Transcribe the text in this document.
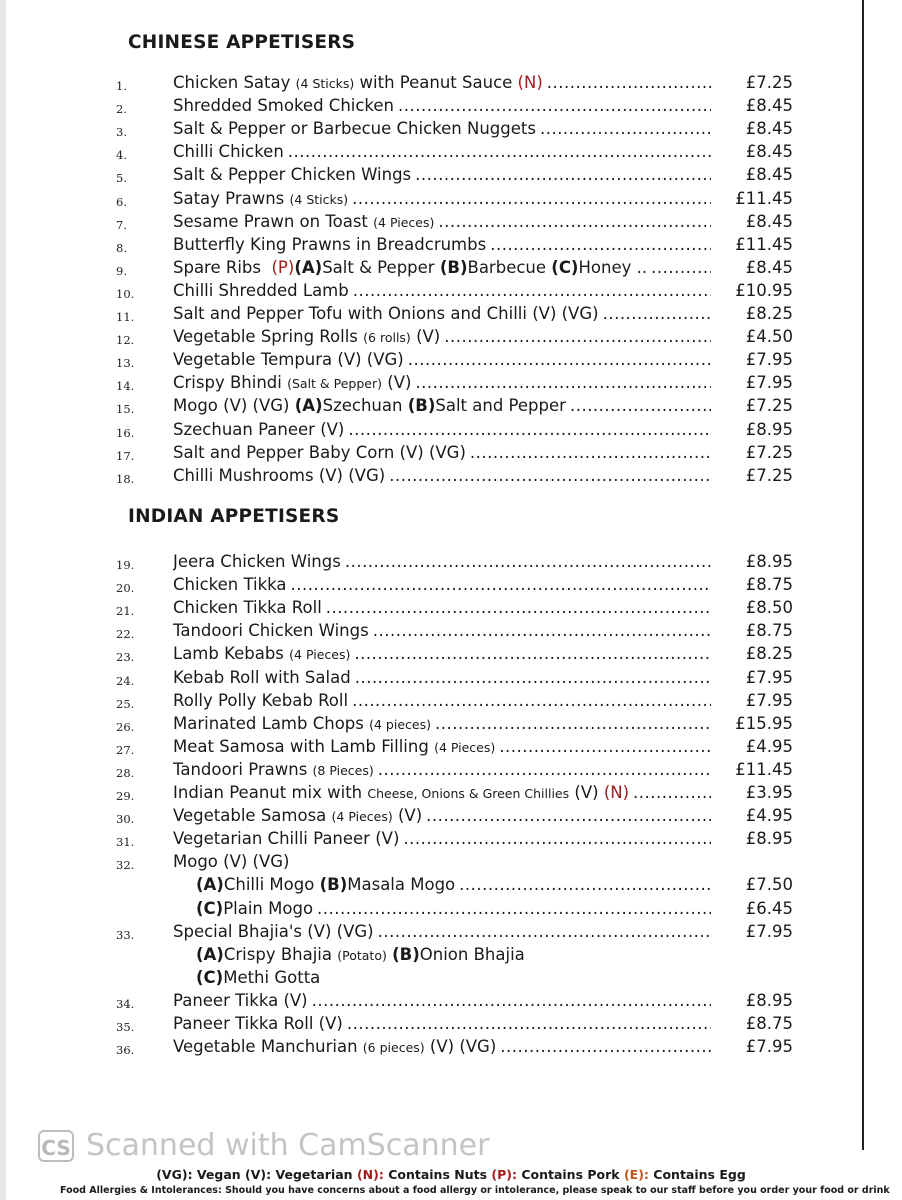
CHINESE APPETISERS
1.	Chicken Satay
(4 Sticks)
with Peanut Sauce
(N) .....	£7.25
2.	Shredded Smoked Chicken .....	£8.45
3.	Salt & Pepper or Barbecue Chicken Nuggets .....	£8.45
4.	Chilli Chicken .....	£8.45
5.	Salt & Pepper Chicken Wings .....	£8.45
6.	Satay Prawns
(4 Sticks) .....	£11.45
7.	Sesame Prawn on Toast
(4 Pieces) .....	£8.45
8.	Butterfly King Prawns in Breadcrumbs .....	£11.45
9.	Spare Ribs
(P) (A) Salt & Pepper
(B) Barbecue
(C) Honey .. .....	£8.45
10. Chilli Shredded Lamb .....	£10.95
11. Salt and Pepper Tofu with Onions and Chilli (V) (VG) .....	£8.25
12. Vegetable Spring Rolls
(6 rolls)
(V) .....	£4.50
13. Vegetable Tempura (V) (VG) .....	£7.95
14. Crispy Bhindi
(Salt & Pepper)
(V) .....	£7.95
15. Mogo (V) (VG)
(A) Szechuan
(B) Salt and Pepper .....	£7.25
16. Szechuan Paneer (V) .....	£8.95
17. Salt and Pepper Baby Corn (V) (VG) .....	£7.25
18. Chilli Mushrooms (V) (VG) .....	£7.25
INDIAN APPETISERS
19. Jeera Chicken Wings .....	£8.95
20. Chicken Tikka .....	£8.75
21. Chicken Tikka Roll .....	£8.50
22. Tandoori Chicken Wings .....	£8.75
23. Lamb Kebabs
(4 Pieces) .....	£8.25
24. Kebab Roll with Salad .....	£7.95
25. Rolly Polly Kebab Roll .....	£7.95
26. Marinated Lamb Chops
(4 pieces) .....	£15.95
27. Meat Samosa with Lamb Filling
(4 Pieces) .....	£4.95
28. Tandoori Prawns
(8 Pieces) .....	£11.45
29. Indian Peanut mix with
Cheese, Onions & Green Chillies
(V)
(N) .....	£3.95
30. Vegetable Samosa
(4 Pieces)
(V) .....	£4.95
31. Vegetarian Chilli Paneer (V) .....	£8.95
32. Mogo (V) (VG)
(A) Chilli Mogo
(B) Masala Mogo .....	£7.50
(C) Plain Mogo .....	£6.45
33. Special Bhajia's (V) (VG) .....	£7.95
(A) Crispy Bhajia
(Potato)
(B) Onion Bhajia
(C) Methi Gotta
34. Paneer Tikka (V) .....	£8.95
35. Paneer Tikka Roll (V) .....	£8.75
36. Vegetable Manchurian
(6 pieces)
(V) (VG) .....	£7.95
CS Scanned with CamScanner
(VG): Vegan (V): Vegetarian (N): Contains Nuts (P): Contains Pork (E): Contains Egg
Food Allergies & Intolerances: Should you have concerns about a food allergy or intolerance, please speak to our staff before you order your food or drink
